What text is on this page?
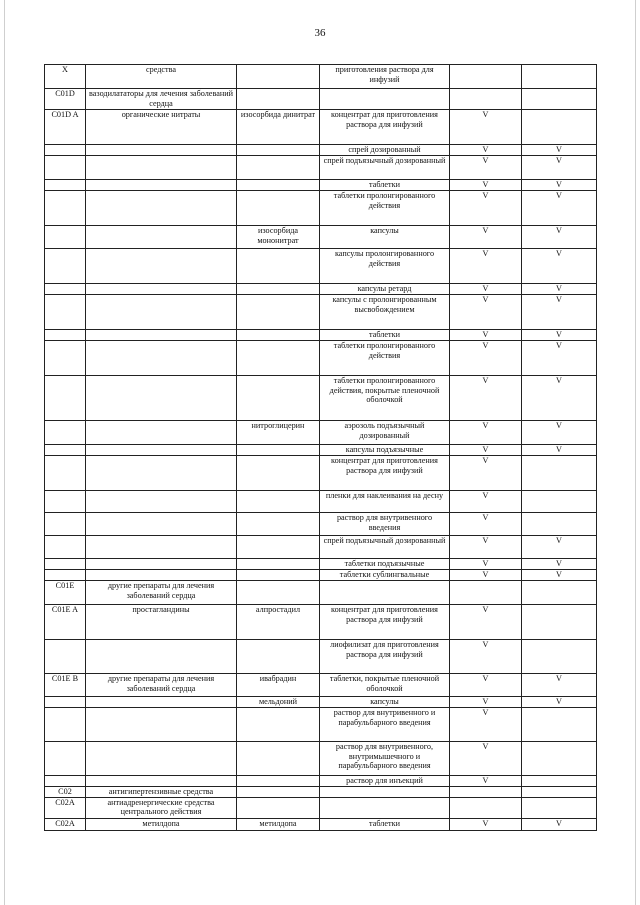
36
X	средства		приготовления раствора для инфузий		
C01D	вазодилататоры для лечения заболеваний сердца				
C01D A	органические нитраты	изосорбида динитрат	концентрат для приготовления раствора для инфузий	V	
			спрей дозированный	V	V
			спрей подъязычный дозированный	V	V
			таблетки	V	V
			таблетки пролонгированного действия	V	V
		изосорбида мононитрат	капсулы	V	V
			капсулы пролонгированного действия	V	V
			капсулы ретард	V	V
			капсулы с пролонгированным высвобождением	V	V
			таблетки	V	V
			таблетки пролонгированного действия	V	V
			таблетки пролонгированного действия, покрытые пленочной оболочкой	V	V
		нитроглицерин	аэрозоль подъязычный дозированный	V	V
			капсулы подъязычные	V	V
			концентрат для приготовления раствора для инфузий	V	
			пленки для наклеивания на десну	V	
			раствор для внутривенного введения	V	
			спрей подъязычный дозированный	V	V
			таблетки подъязычные	V	V
			таблетки сублингвальные	V	V
C01E	другие препараты для лечения заболеваний сердца				
C01E A	простагландины	алпростадил	концентрат для приготовления раствора для инфузий	V	
			лиофилизат для приготовления раствора для инфузий	V	
C01E B	другие препараты для лечения заболеваний сердца	ивабрадин	таблетки, покрытые пленочной оболочкой	V	V
		мельдоний	капсулы	V	V
			раствор для внутривенного и парабульбарного введения	V	
			раствор для внутривенного, внутримышечного и парабульбарного введения	V	
			раствор для инъекций	V	
C02	антигипертензивные средства				
C02A	антиадренергические средства центрального действия				
C02A	метилдопа	метилдопа	таблетки	V	V
